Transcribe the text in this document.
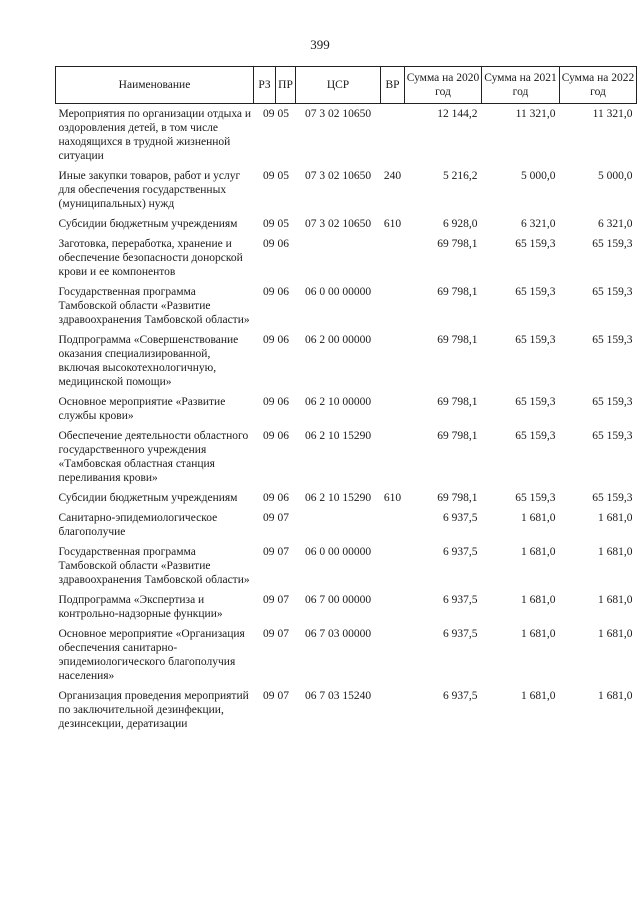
399
Наименование	РЗ	ПР	ЦСР	ВР	Сумма на 2020 год	Сумма на 2021 год	Сумма на 2022 год
Мероприятия по организации отдыха и оздоровления детей, в том числе находящихся в трудной жизненной ситуации	09	05	07 3 02 10650		12 144,2	11 321,0	11 321,0
Иные закупки товаров, работ и услуг для обеспечения государственных (муниципальных) нужд	09	05	07 3 02 10650	240	5 216,2	5 000,0	5 000,0
Субсидии бюджетным учреждениям	09	05	07 3 02 10650	610	6 928,0	6 321,0	6 321,0
Заготовка, переработка, хранение и обеспечение безопасности донорской крови и ее компонентов	09	06			69 798,1	65 159,3	65 159,3
Государственная программа Тамбовской области «Развитие здравоохранения Тамбовской области»	09	06	06 0 00 00000		69 798,1	65 159,3	65 159,3
Подпрограмма «Совершенствование оказания специализированной, включая высокотехнологичную, медицинской помощи»	09	06	06 2 00 00000		69 798,1	65 159,3	65 159,3
Основное мероприятие «Развитие службы крови»	09	06	06 2 10 00000		69 798,1	65 159,3	65 159,3
Обеспечение деятельности областного государственного учреждения «Тамбовская областная станция переливания крови»	09	06	06 2 10 15290		69 798,1	65 159,3	65 159,3
Субсидии бюджетным учреждениям	09	06	06 2 10 15290	610	69 798,1	65 159,3	65 159,3
Санитарно-эпидемиологическое благополучие	09	07			6 937,5	1 681,0	1 681,0
Государственная программа Тамбовской области «Развитие здравоохранения Тамбовской области»	09	07	06 0 00 00000		6 937,5	1 681,0	1 681,0
Подпрограмма «Экспертиза и контрольно-надзорные функции»	09	07	06 7 00 00000		6 937,5	1 681,0	1 681,0
Основное мероприятие «Организация обеспечения санитарно-эпидемиологического благополучия населения»	09	07	06 7 03 00000		6 937,5	1 681,0	1 681,0
Организация проведения мероприятий по заключительной дезинфекции, дезинсекции, дератизации	09	07	06 7 03 15240		6 937,5	1 681,0	1 681,0
